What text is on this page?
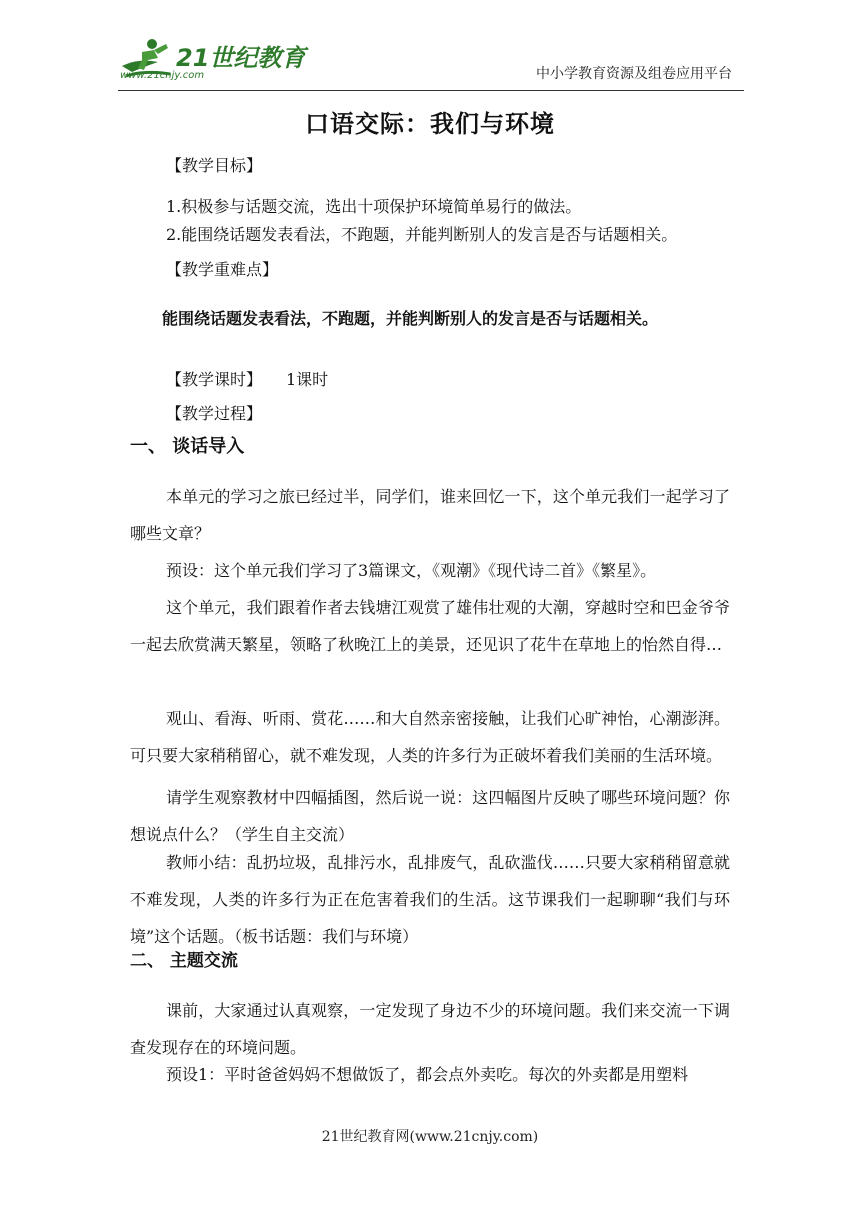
21世纪教育
www.21cnjy.com	中小学教育资源及组卷应用平台
口语交际：我们与环境
【教学目标】
1.积极参与话题交流，选出十项保护环境简单易行的做法。
2.能围绕话题发表看法，不跑题，并能判断别人的发言是否与话题相关。
【教学重难点】
能围绕话题发表看法，不跑题，并能判断别人的发言是否与话题相关。
【教学课时】 1课时
【教学过程】
一、 谈话导入
本单元的学习之旅已经过半，同学们，谁来回忆一下，这个单元我们一起学习了哪些文章？
预设：这个单元我们学习了3篇课文，《观潮》《现代诗二首》《繁星》。
这个单元，我们跟着作者去钱塘江观赏了雄伟壮观的大潮，穿越时空和巴金爷爷一起去欣赏满天繁星，领略了秋晚江上的美景，还见识了花牛在草地上的怡然自得…
观山、看海、听雨、赏花……和大自然亲密接触，让我们心旷神怡，心潮澎湃。可只要大家稍稍留心，就不难发现，人类的许多行为正破坏着我们美丽的生活环境。
请学生观察教材中四幅插图，然后说一说：这四幅图片反映了哪些环境问题？你想说点什么？（学生自主交流）
教师小结：乱扔垃圾，乱排污水，乱排废气，乱砍滥伐……只要大家稍稍留意就不难发现，人类的许多行为正在危害着我们的生活。这节课我们一起聊聊“我们与环境”这个话题。（板书话题：我们与环境）
二、 主题交流
课前，大家通过认真观察，一定发现了身边不少的环境问题。我们来交流一下调查发现存在的环境问题。
预设1：平时爸爸妈妈不想做饭了，都会点外卖吃。每次的外卖都是用塑料
21世纪教育网(www.21cnjy.com)
